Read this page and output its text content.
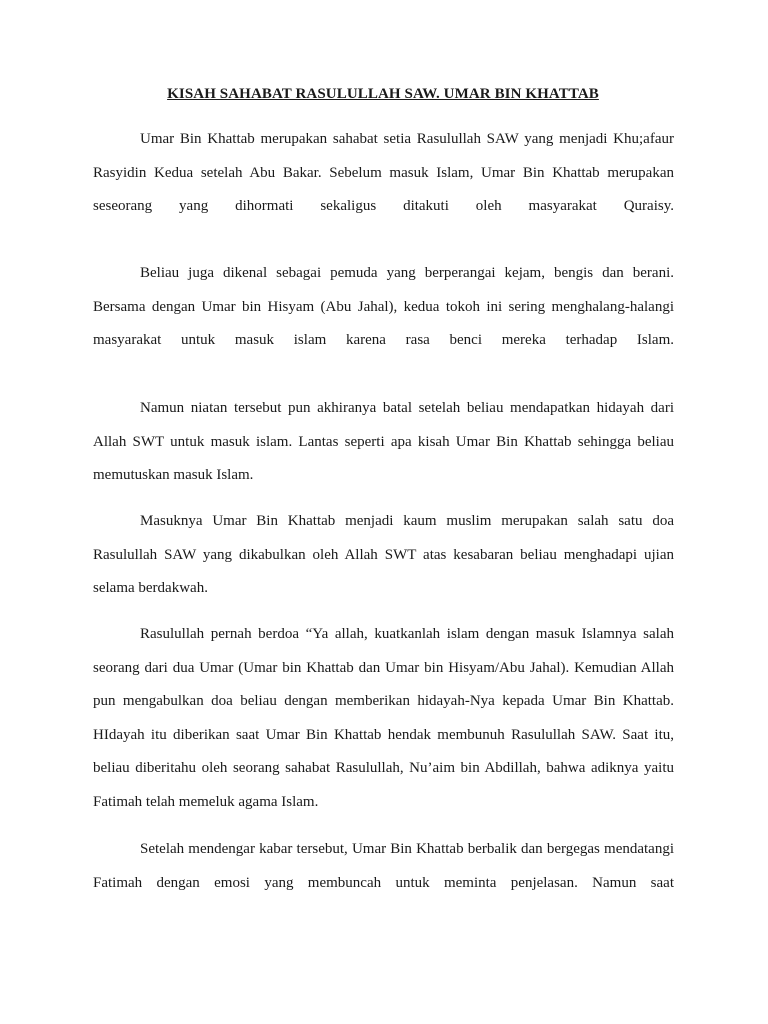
KISAH SAHABAT RASULULLAH SAW. UMAR BIN KHATTAB

Umar Bin Khattab merupakan sahabat setia Rasulullah SAW yang menjadi Khu;afaur Rasyidin Kedua setelah Abu Bakar. Sebelum masuk Islam, Umar Bin Khattab merupakan seseorang yang dihormati sekaligus ditakuti oleh masyarakat Quraisy.

Beliau juga dikenal sebagai pemuda yang berperangai kejam, bengis dan berani. Bersama dengan Umar bin Hisyam (Abu Jahal), kedua tokoh ini sering menghalang-halangi masyarakat untuk masuk islam karena rasa benci mereka terhadap Islam.

Namun niatan tersebut pun akhiranya batal setelah beliau mendapatkan hidayah dari Allah SWT untuk masuk islam. Lantas seperti apa kisah Umar Bin Khattab sehingga beliau memutuskan masuk Islam.

Masuknya Umar Bin Khattab menjadi kaum muslim merupakan salah satu doa Rasulullah SAW yang dikabulkan oleh Allah SWT atas kesabaran beliau menghadapi ujian selama berdakwah.

Rasulullah pernah berdoa “Ya allah, kuatkanlah islam dengan masuk Islamnya salah seorang dari dua Umar (Umar bin Khattab dan Umar bin Hisyam/Abu Jahal). Kemudian Allah pun mengabulkan doa beliau dengan memberikan hidayah-Nya kepada Umar Bin Khattab. HIdayah itu diberikan saat Umar Bin Khattab hendak membunuh Rasulullah SAW. Saat itu, beliau diberitahu oleh seorang sahabat Rasulullah, Nu’aim bin Abdillah, bahwa adiknya yaitu Fatimah telah memeluk agama Islam.

Setelah mendengar kabar tersebut, Umar Bin Khattab berbalik dan bergegas mendatangi Fatimah dengan emosi yang membuncah untuk meminta penjelasan. Namun saat
